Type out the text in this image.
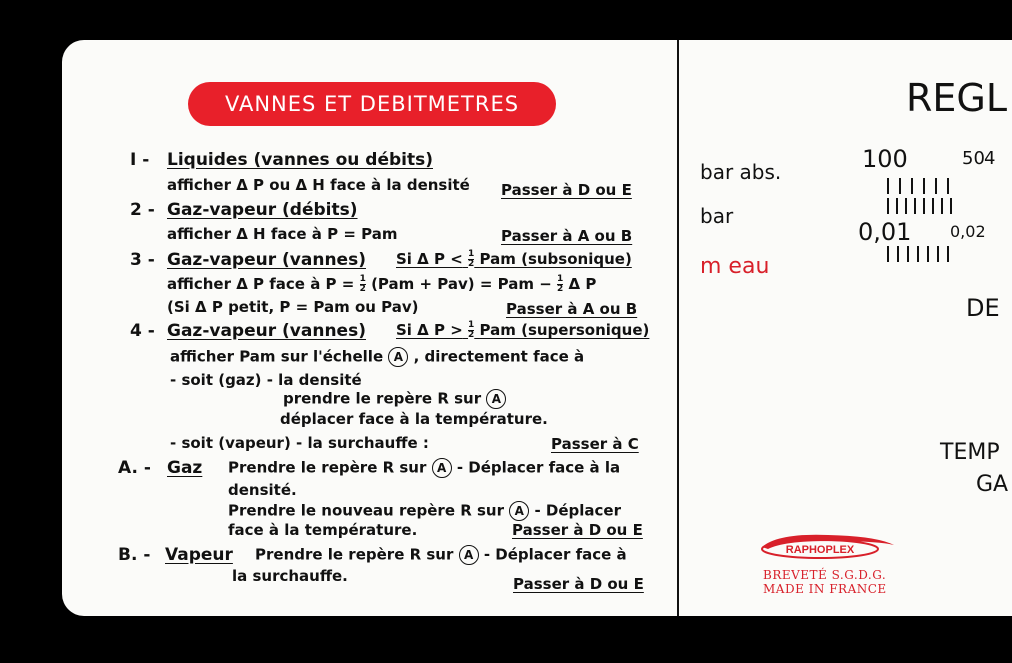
VANNES ET DEBITMETRES
I - Liquides (vannes ou débits)
afficher Δ P ou Δ H face à la densité Passer à D ou E
2 - Gaz-vapeur (débits)
afficher Δ H face à P = Pam	Passer à A ou B
3 - Gaz-vapeur (vannes) Si Δ $P < \frac{1}{2}$ Pam (subsonique)
afficher Δ P face à $P = \frac{1}{2} (Pam + Pav)$ = Pam − $\frac{1}{2}$ Δ P
(Si Δ P petit, P = Pam ou Pav)	Passer à A ou B
4 - Gaz-vapeur (vannes) Si Δ $P > \frac{1}{2}$ Pam (supersonique)
afficher Pam sur l'échelle A , directement face à
- soit (gaz) - la densité
prendre le repère R sur A
déplacer face à la température.
- soit (vapeur) - la surchauffe :	Passer à C
A. - Gaz Prendre le repère R sur A - Déplacer face à la
densité.
Prendre le nouveau repère R sur A - Déplacer
face à la température.	Passer à D ou E
B. - Vapeur Prendre le repère R sur A - Déplacer face à
la surchauffe.	Passer à D ou E
REGL
bar abs.
bar
m eau
100	50 4
0,01 0,02
DE
TEMP
GA
RAPHOPLEX
BREVETÉ S.G.D.G.
MADE IN FRANCE
